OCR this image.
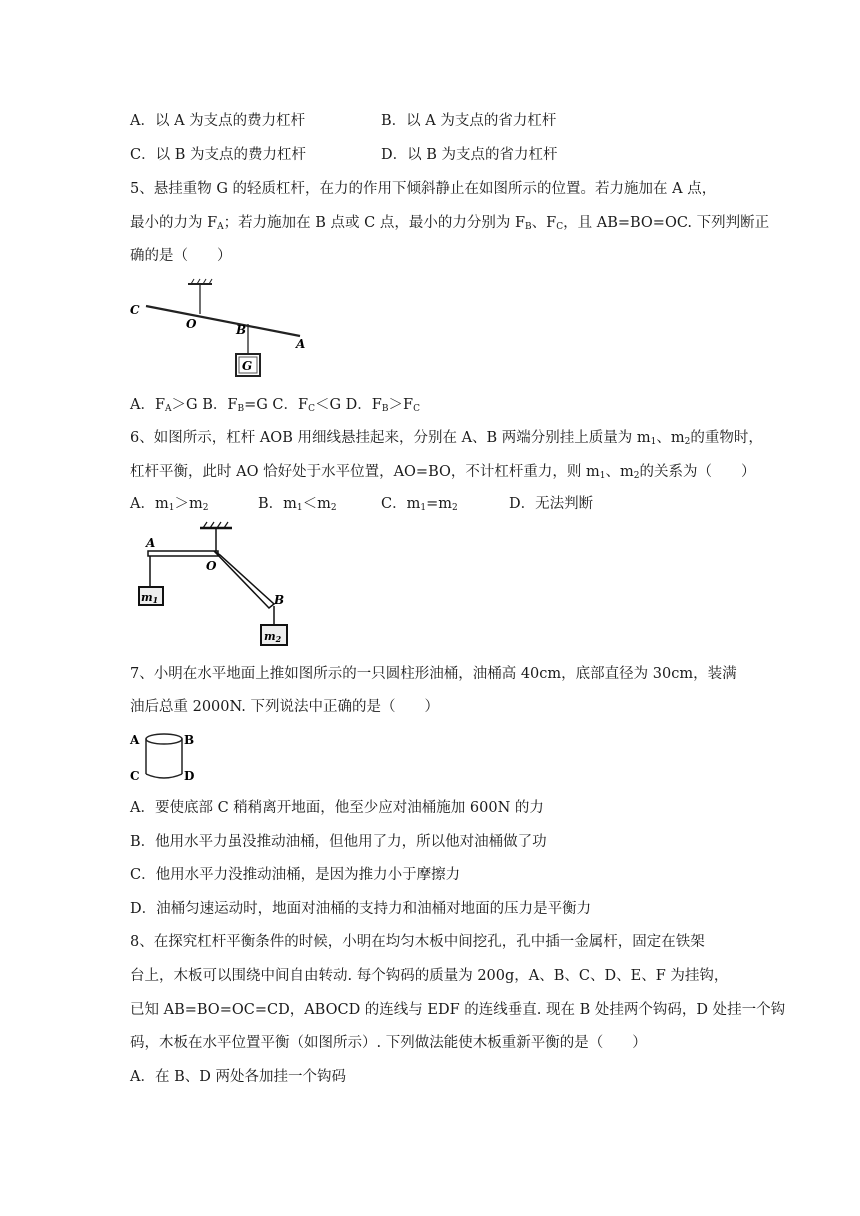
A．以 A 为支点的费力杠杆	B．以 A 为支点的省力杠杆
C．以 B 为支点的费力杠杆	D．以 B 为支点的省力杠杆
5、悬挂重物 G 的轻质杠杆，在力的作用下倾斜静止在如图所示的位置。若力施加在 A 点，
最小的力为 $F_A$；若力施加在 B 点或 C 点，最小的力分别为 $F_B$、$F_C$，且 AB=BO=OC. 下列判断正
确的是（　　）
G
C
O	B
A
A．$F_A>G$ B．$F_B=G$ C．$F_C<G$ D．$F_B>F_C$
6、如图所示，杠杆 AOB 用细线悬挂起来，分别在 A、B 两端分别挂上质量为 $m_1$、$m_2$的重物时，
杠杆平衡，此时 AO 恰好处于水平位置，AO=BO，不计杠杆重力，则 $m_1$、$m_2$的关系为（　　）
A．$m_1>m_2$	B．$m_1<m_2$	C．$m_1=m_2$	D．无法判断
m1
m2
A
O
B
7、小明在水平地面上推如图所示的一只圆柱形油桶，油桶高 40cm，底部直径为 30cm，装满
油后总重 2000N. 下列说法中正确的是（　　）
A	B
C	D
A．要使底部 C 稍稍离开地面，他至少应对油桶施加 600N 的力
B．他用水平力虽没推动油桶，但他用了力，所以他对油桶做了功
C．他用水平力没推动油桶，是因为推力小于摩擦力
D．油桶匀速运动时，地面对油桶的支持力和油桶对地面的压力是平衡力
8、在探究杠杆平衡条件的时候，小明在均匀木板中间挖孔，孔中插一金属杆，固定在铁架
台上，木板可以围绕中间自由转动. 每个钩码的质量为 200g，A、B、C、D、E、F 为挂钩，
已知 AB=BO=OC=CD，ABOCD 的连线与 EDF 的连线垂直. 现在 B 处挂两个钩码，D 处挂一个钩
码，木板在水平位置平衡（如图所示）. 下列做法能使木板重新平衡的是（　　）
A．在 B、D 两处各加挂一个钩码
